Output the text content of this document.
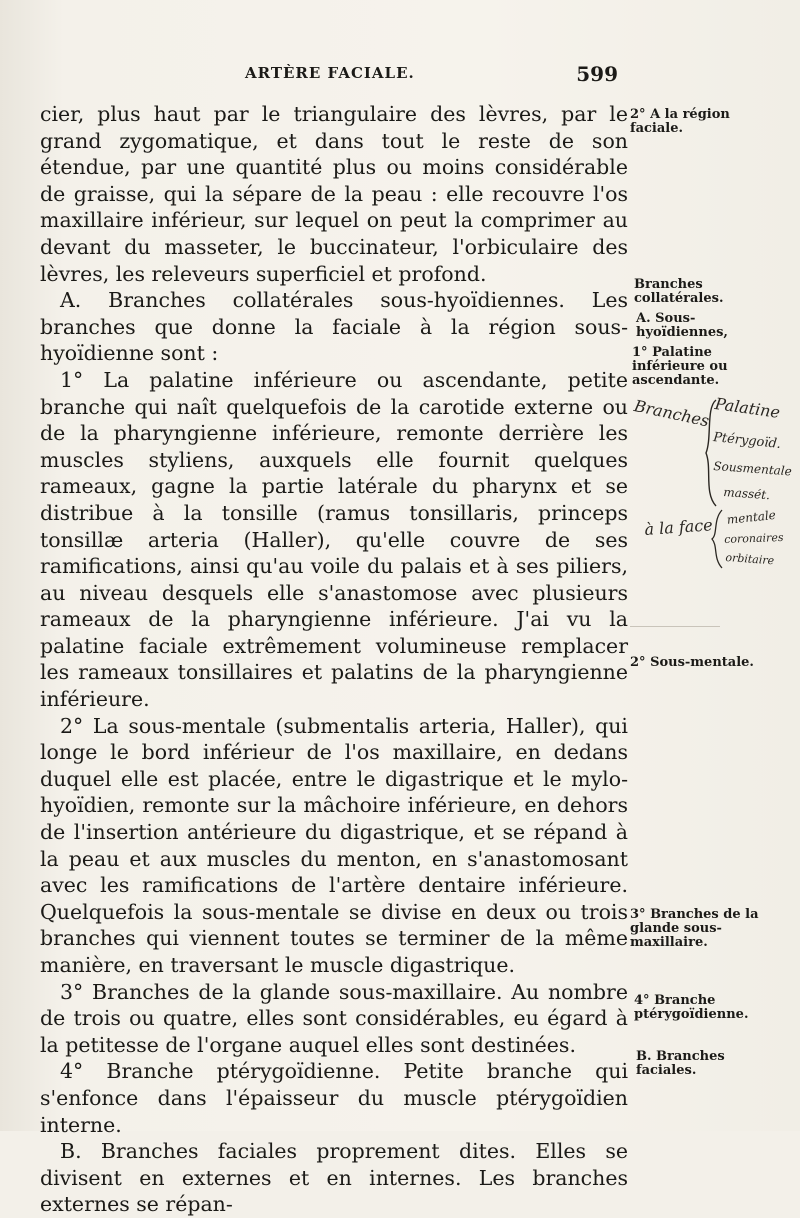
ARTÈRE FACIALE.	599

cier, plus haut par le triangulaire des lèvres, par le grand zygomatique, et dans tout le reste de son étendue, par une quantité plus ou moins considérable de graisse, qui la sépare de la peau : elle recouvre l'os maxillaire inférieur, sur lequel on peut la comprimer au devant du masseter, le buccinateur, l'orbiculaire des lèvres, les releveurs superficiel et profond.

A. Branches collatérales sous-hyoïdiennes. Les branches que donne la faciale à la région sous-hyoïdienne sont :

1° La palatine inférieure ou ascendante, petite branche qui naît quelquefois de la carotide externe ou de la pharyngienne inférieure, remonte derrière les muscles styliens, auxquels elle fournit quelques rameaux, gagne la partie latérale du pharynx et se distribue à la tonsille (ramus tonsillaris, princeps tonsillæ arteria (Haller), qu'elle couvre de ses ramifications, ainsi qu'au voile du palais et à ses piliers, au niveau desquels elle s'anastomose avec plusieurs rameaux de la pharyngienne inférieure. J'ai vu la palatine faciale extrêmement volumineuse remplacer les rameaux tonsillaires et palatins de la pharyngienne inférieure.

2° La sous-mentale (submentalis arteria, Haller), qui longe le bord inférieur de l'os maxillaire, en dedans duquel elle est placée, entre le digastrique et le mylo-hyoïdien, remonte sur la mâchoire inférieure, en dehors de l'insertion antérieure du digastrique, et se répand à la peau et aux muscles du menton, en s'anastomosant avec les ramifications de l'artère dentaire inférieure. Quelquefois la sous-mentale se divise en deux ou trois branches qui viennent toutes se terminer de la même manière, en traversant le muscle digastrique.

3° Branches de la glande sous-maxillaire. Au nombre de trois ou quatre, elles sont considérables, eu égard à la petitesse de l'organe auquel elles sont destinées.

4° Branche ptérygoïdienne. Petite branche qui s'enfonce dans l'épaisseur du muscle ptérygoïdien interne.

B. Branches faciales proprement dites. Elles se divisent en externes et en internes. Les branches externes se répan-

2° A la région faciale.
Branches collatérales.
A. Sous-hyoïdiennes,
1° Palatine inférieure ou ascendante.
2° Sous-mentale.
3° Branches de la glande sous-maxillaire.
4° Branche ptérygoïdienne.
B. Branches faciales.
Branches Palatine
Ptérygoïd.
Sousmentale
massét.
à la face mentale
coronaires
orbitaire
